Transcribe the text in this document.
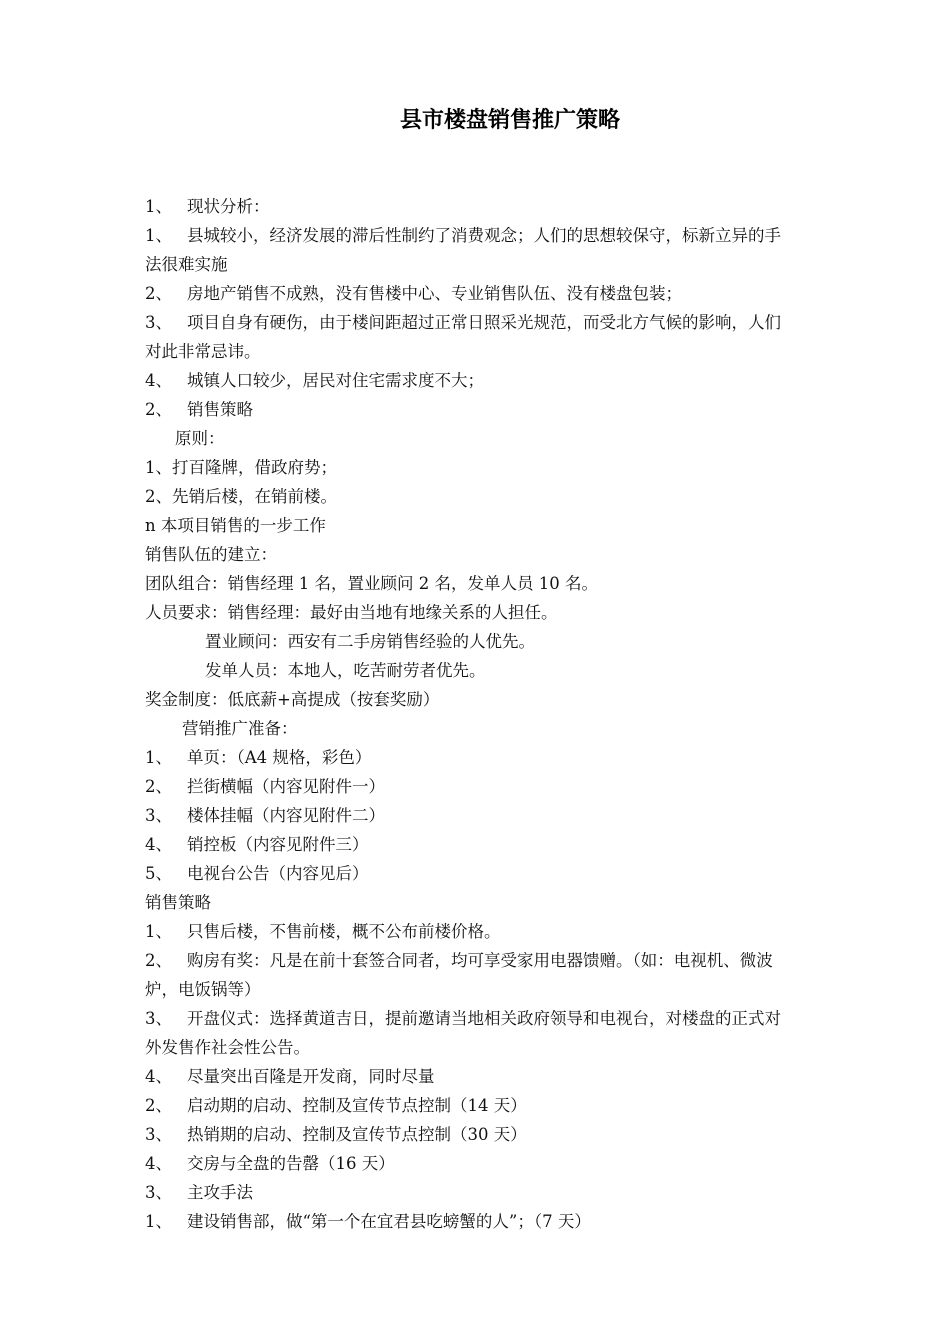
县市楼盘销售推广策略
1、 现状分析：
1、 县城较小，经济发展的滞后性制约了消费观念；人们的思想较保守，标新立异的手
法很难实施
2、 房地产销售不成熟，没有售楼中心、专业销售队伍、没有楼盘包装；
3、 项目自身有硬伤，由于楼间距超过正常日照采光规范，而受北方气候的影响，人们
对此非常忌讳。
4、 城镇人口较少，居民对住宅需求度不大；
2、 销售策略
原则：
1、打百隆牌，借政府势；
2、先销后楼，在销前楼。
n 本项目销售的一步工作
销售队伍的建立：
团队组合：销售经理 1 名，置业顾问 2 名，发单人员 10 名。
人员要求：销售经理：最好由当地有地缘关系的人担任。
置业顾问：西安有二手房销售经验的人优先。
发单人员：本地人，吃苦耐劳者优先。
奖金制度：低底薪+高提成（按套奖励）
营销推广准备：
1、 单页：（A4 规格，彩色）
2、 拦街横幅（内容见附件一）
3、 楼体挂幅（内容见附件二）
4、 销控板（内容见附件三）
5、 电视台公告（内容见后）
销售策略
1、 只售后楼，不售前楼，概不公布前楼价格。
2、 购房有奖：凡是在前十套签合同者，均可享受家用电器馈赠。（如：电视机、微波
炉，电饭锅等）
3、 开盘仪式：选择黄道吉日，提前邀请当地相关政府领导和电视台，对楼盘的正式对
外发售作社会性公告。
4、 尽量突出百隆是开发商，同时尽量
2、 启动期的启动、控制及宣传节点控制（14 天）
3、 热销期的启动、控制及宣传节点控制（30 天）
4、 交房与全盘的告罄（16 天）
3、 主攻手法
1、 建设销售部，做“第一个在宜君县吃螃蟹的人”；（7 天）
